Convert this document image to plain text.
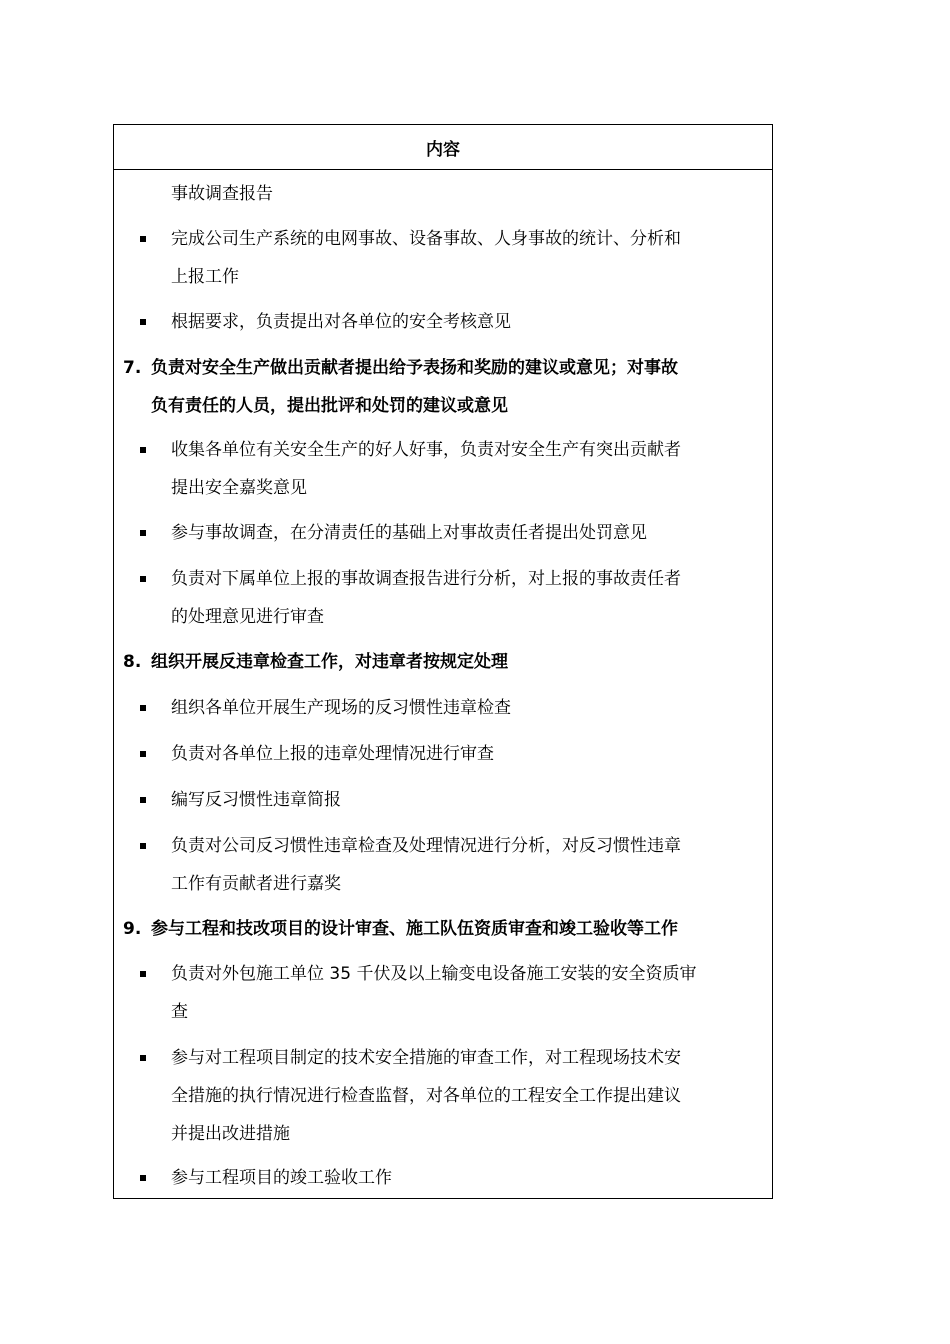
内容
事故调查报告
完成公司生产系统的电网事故、设备事故、人身事故的统计、分析和
上报工作
根据要求，负责提出对各单位的安全考核意见
7. 负责对安全生产做出贡献者提出给予表扬和奖励的建议或意见；对事故
负有责任的人员，提出批评和处罚的建议或意见
收集各单位有关安全生产的好人好事，负责对安全生产有突出贡献者
提出安全嘉奖意见
参与事故调查，在分清责任的基础上对事故责任者提出处罚意见
负责对下属单位上报的事故调查报告进行分析，对上报的事故责任者
的处理意见进行审查
8. 组织开展反违章检查工作，对违章者按规定处理
组织各单位开展生产现场的反习惯性违章检查
负责对各单位上报的违章处理情况进行审查
编写反习惯性违章简报
负责对公司反习惯性违章检查及处理情况进行分析，对反习惯性违章
工作有贡献者进行嘉奖
9. 参与工程和技改项目的设计审查、施工队伍资质审查和竣工验收等工作
负责对外包施工单位 35 千伏及以上输变电设备施工安装的安全资质审
查
参与对工程项目制定的技术安全措施的审查工作，对工程现场技术安
全措施的执行情况进行检查监督，对各单位的工程安全工作提出建议
并提出改进措施
参与工程项目的竣工验收工作
